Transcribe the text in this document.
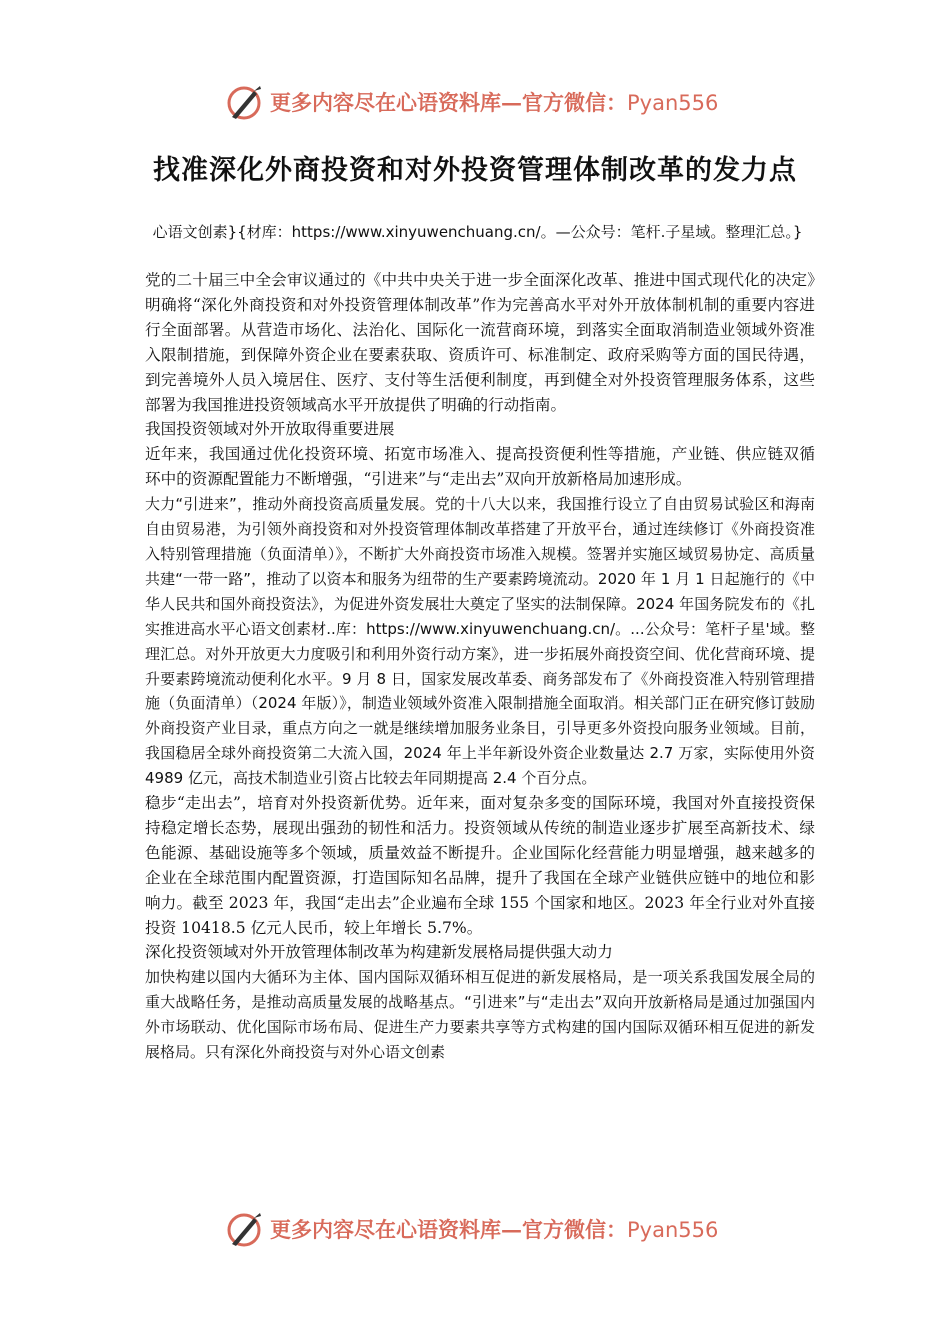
更多内容尽在心语资料库—官方微信：Pyan556
找准深化外商投资和对外投资管理体制改革的发力点
心语文创素}{材库：https://www.xinyuwenchuang.cn/。—公众号：笔杆.子星域。整理汇总。}

党的二十届三中全会审议通过的《中共中央关于进一步全面深化改革、推进中国式现代化的决定》明确将“深化外商投资和对外投资管理体制改革”作为完善高水平对外开放体制机制的重要内容进行全面部署。从营造市场化、法治化、国际化一流营商环境，到落实全面取消制造业领域外资准入限制措施，到保障外资企业在要素获取、资质许可、标准制定、政府采购等方面的国民待遇，到完善境外人员入境居住、医疗、支付等生活便利制度，再到健全对外投资管理服务体系，这些部署为我国推进投资领域高水平开放提供了明确的行动指南。

我国投资领域对外开放取得重要进展

近年来，我国通过优化投资环境、拓宽市场准入、提高投资便利性等措施，产业链、供应链双循环中的资源配置能力不断增强，“引进来”与“走出去”双向开放新格局加速形成。

大力“引进来”，推动外商投资高质量发展。党的十八大以来，我国推行设立了自由贸易试验区和海南自由贸易港，为引领外商投资和对外投资管理体制改革搭建了开放平台，通过连续修订《外商投资准入特别管理措施（负面清单）》，不断扩大外商投资市场准入规模。签署并实施区域贸易协定、高质量共建“一带一路”，推动了以资本和服务为纽带的生产要素跨境流动。2020 年 1 月 1 日起施行的《中华人民共和国外商投资法》，为促进外资发展壮大奠定了坚实的法制保障。2024 年国务院发布的《扎实推进高水平心语文创素材..库：https://www.xinyuwenchuang.cn/。...公众号：笔杆子星'域。整理汇总。对外开放更大力度吸引和利用外资行动方案》，进一步拓展外商投资空间、优化营商环境、提升要素跨境流动便利化水平。9 月 8 日，国家发展改革委、商务部发布了《外商投资准入特别管理措施（负面清单）（2024 年版）》，制造业领域外资准入限制措施全面取消。相关部门正在研究修订鼓励外商投资产业目录，重点方向之一就是继续增加服务业条目，引导更多外资投向服务业领域。目前，我国稳居全球外商投资第二大流入国，2024 年上半年新设外资企业数量达 2.7 万家，实际使用外资 4989 亿元，高技术制造业引资占比较去年同期提高 2.4 个百分点。

稳步“走出去”，培育对外投资新优势。近年来，面对复杂多变的国际环境，我国对外直接投资保持稳定增长态势，展现出强劲的韧性和活力。投资领域从传统的制造业逐步扩展至高新技术、绿色能源、基础设施等多个领域，质量效益不断提升。企业国际化经营能力明显增强，越来越多的企业在全球范围内配置资源，打造国际知名品牌，提升了我国在全球产业链供应链中的地位和影响力。截至 2023 年，我国“走出去”企业遍布全球 155 个国家和地区。2023 年全行业对外直接投资 10418.5 亿元人民币，较上年增长 5.7%。

深化投资领域对外开放管理体制改革为构建新发展格局提供强大动力

加快构建以国内大循环为主体、国内国际双循环相互促进的新发展格局，是一项关系我国发展全局的重大战略任务，是推动高质量发展的战略基点。“引进来”与“走出去”双向开放新格局是通过加强国内外市场联动、优化国际市场布局、促进生产力要素共享等方式构建的国内国际双循环相互促进的新发展格局。只有深化外商投资与对外心语文创素

更多内容尽在心语资料库—官方微信：Pyan556
